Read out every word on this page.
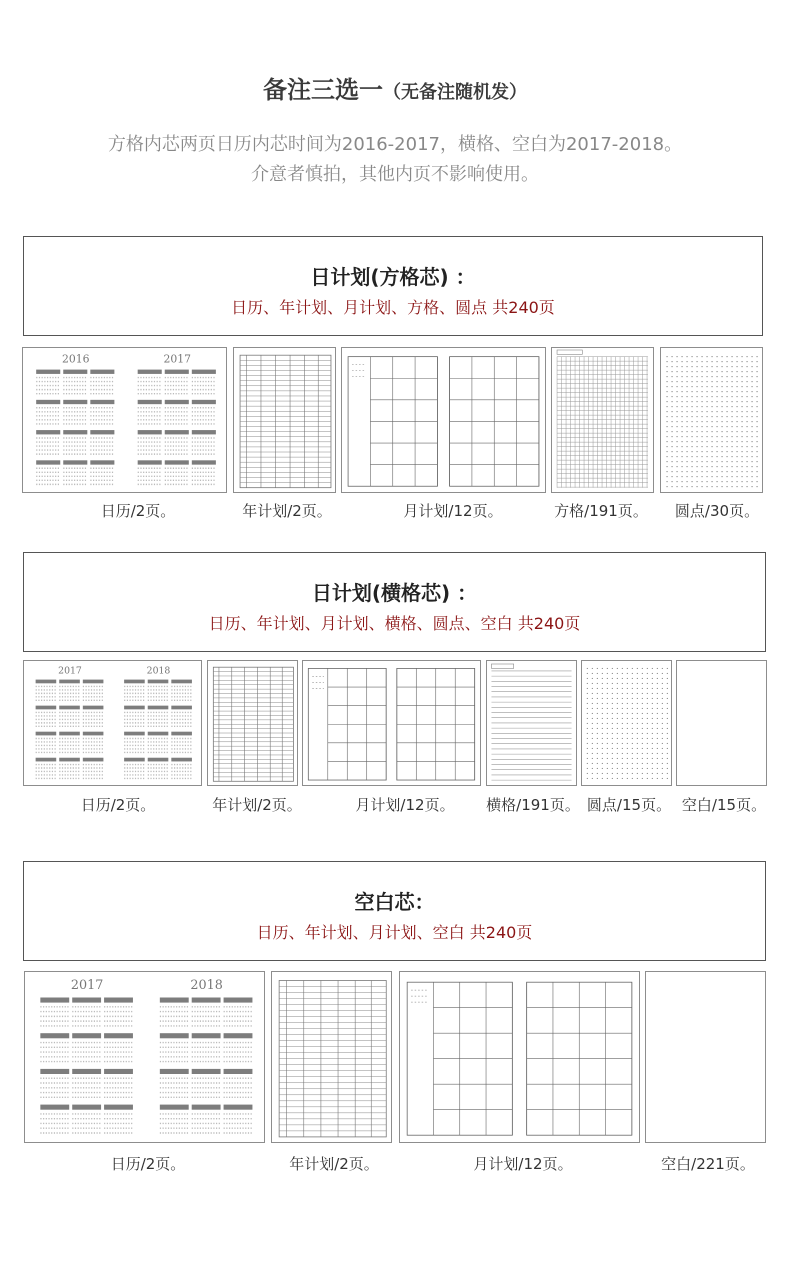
备注三选一（无备注随机发）
方格内芯两页日历内芯时间为2016-2017，横格、空白为2017-2018。
介意者慎拍，其他内页不影响使用。
日计划(方格芯) ：
日历、年计划、月计划、方格、圆点 共240页
2016	2017
日历/2页。	年计划/2页。	月计划/12页。	方格/191页。 圆点/30页。
日计划(横格芯) ：
日历、年计划、月计划、横格、圆点、空白 共240页
2017	2018
日历/2页。	年计划/2页。	月计划/12页。 横格/191页。 圆点/15页。 空白/15页。
空白芯：
日历、年计划、月计划、空白 共240页
2017	2018
日历/2页。	年计划/2页。	月计划/12页。	空白/221页。
